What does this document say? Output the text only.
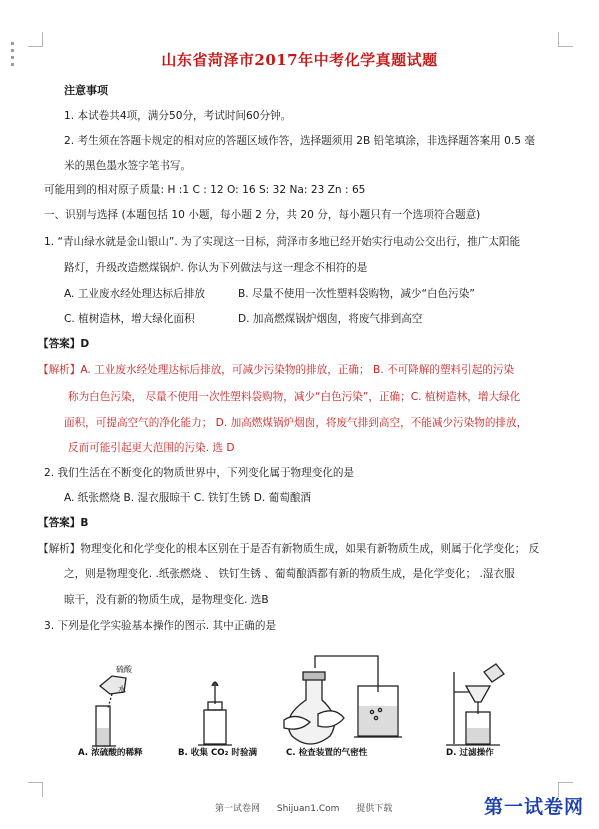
山东省菏泽市2017年中考化学真题试题
注意事项
1. 本试卷共4项，满分50分，考试时间60分钟。
2. 考生须在答题卡规定的相对应的答题区域作答，选择题须用 2B 铅笔填涂，非选择题答案用 0.5 毫
米的黑色墨水签字笔书写。
可能用到的相对原子质量: H :1 C : 12 O: 16 S: 32 Na: 23 Zn : 65
一、识别与选择 (本题包括 10 小题，每小题 2 分，共 20 分，每小题只有一个选项符合题意)
1. “青山绿水就是金山银山”. 为了实现这一目标，菏泽市多地已经开始实行电动公交出行，推广太阳能
路灯，升级改造燃煤锅炉. 你认为下列做法与这一理念不相符的是
A. 工业废水经处理达标后排放	B. 尽量不使用一次性塑料袋购物，减少“白色污染”
C. 植树造林，增大绿化面积	D. 加高燃煤锅炉烟囱，将废气排到高空
【答案】D
【解析】A. 工业废水经处理达标后排放，可减少污染物的排放，正确； B. 不可降解的塑料引起的污染
称为白色污染， 尽量不使用一次性塑料袋购物，减少“白色污染”，正确；C. 植树造林，增大绿化
面积，可提高空气的净化能力； D. 加高燃煤锅炉烟囱，将废气排到高空，不能减少污染物的排放，
反而可能引起更大范围的污染. 选 D
2. 我们生活在不断变化的物质世界中，下列变化属于物理变化的是
A. 纸张燃烧 B. 湿衣服晾干 C. 铁钉生锈 D. 葡萄酿酒
【答案】B
【解析】物理变化和化学变化的根本区别在于是否有新物质生成，如果有新物质生成，则属于化学变化； 反
之，则是物理变化. .纸张燃烧 、 铁钉生锈 、葡萄酿酒都有新的物质生成，是化学变化； .湿衣服
晾干，没有新的物质生成，是物理变化. 选B
3. 下列是化学实验基本操作的图示. 其中正确的是
硫酸
水
A. 浓硫酸的稀释	B. 收集 CO₂ 时验满	C. 检查装置的气密性	D. 过滤操作
第一试卷网 Shijuan1.Com 提供下载	第一试卷网
